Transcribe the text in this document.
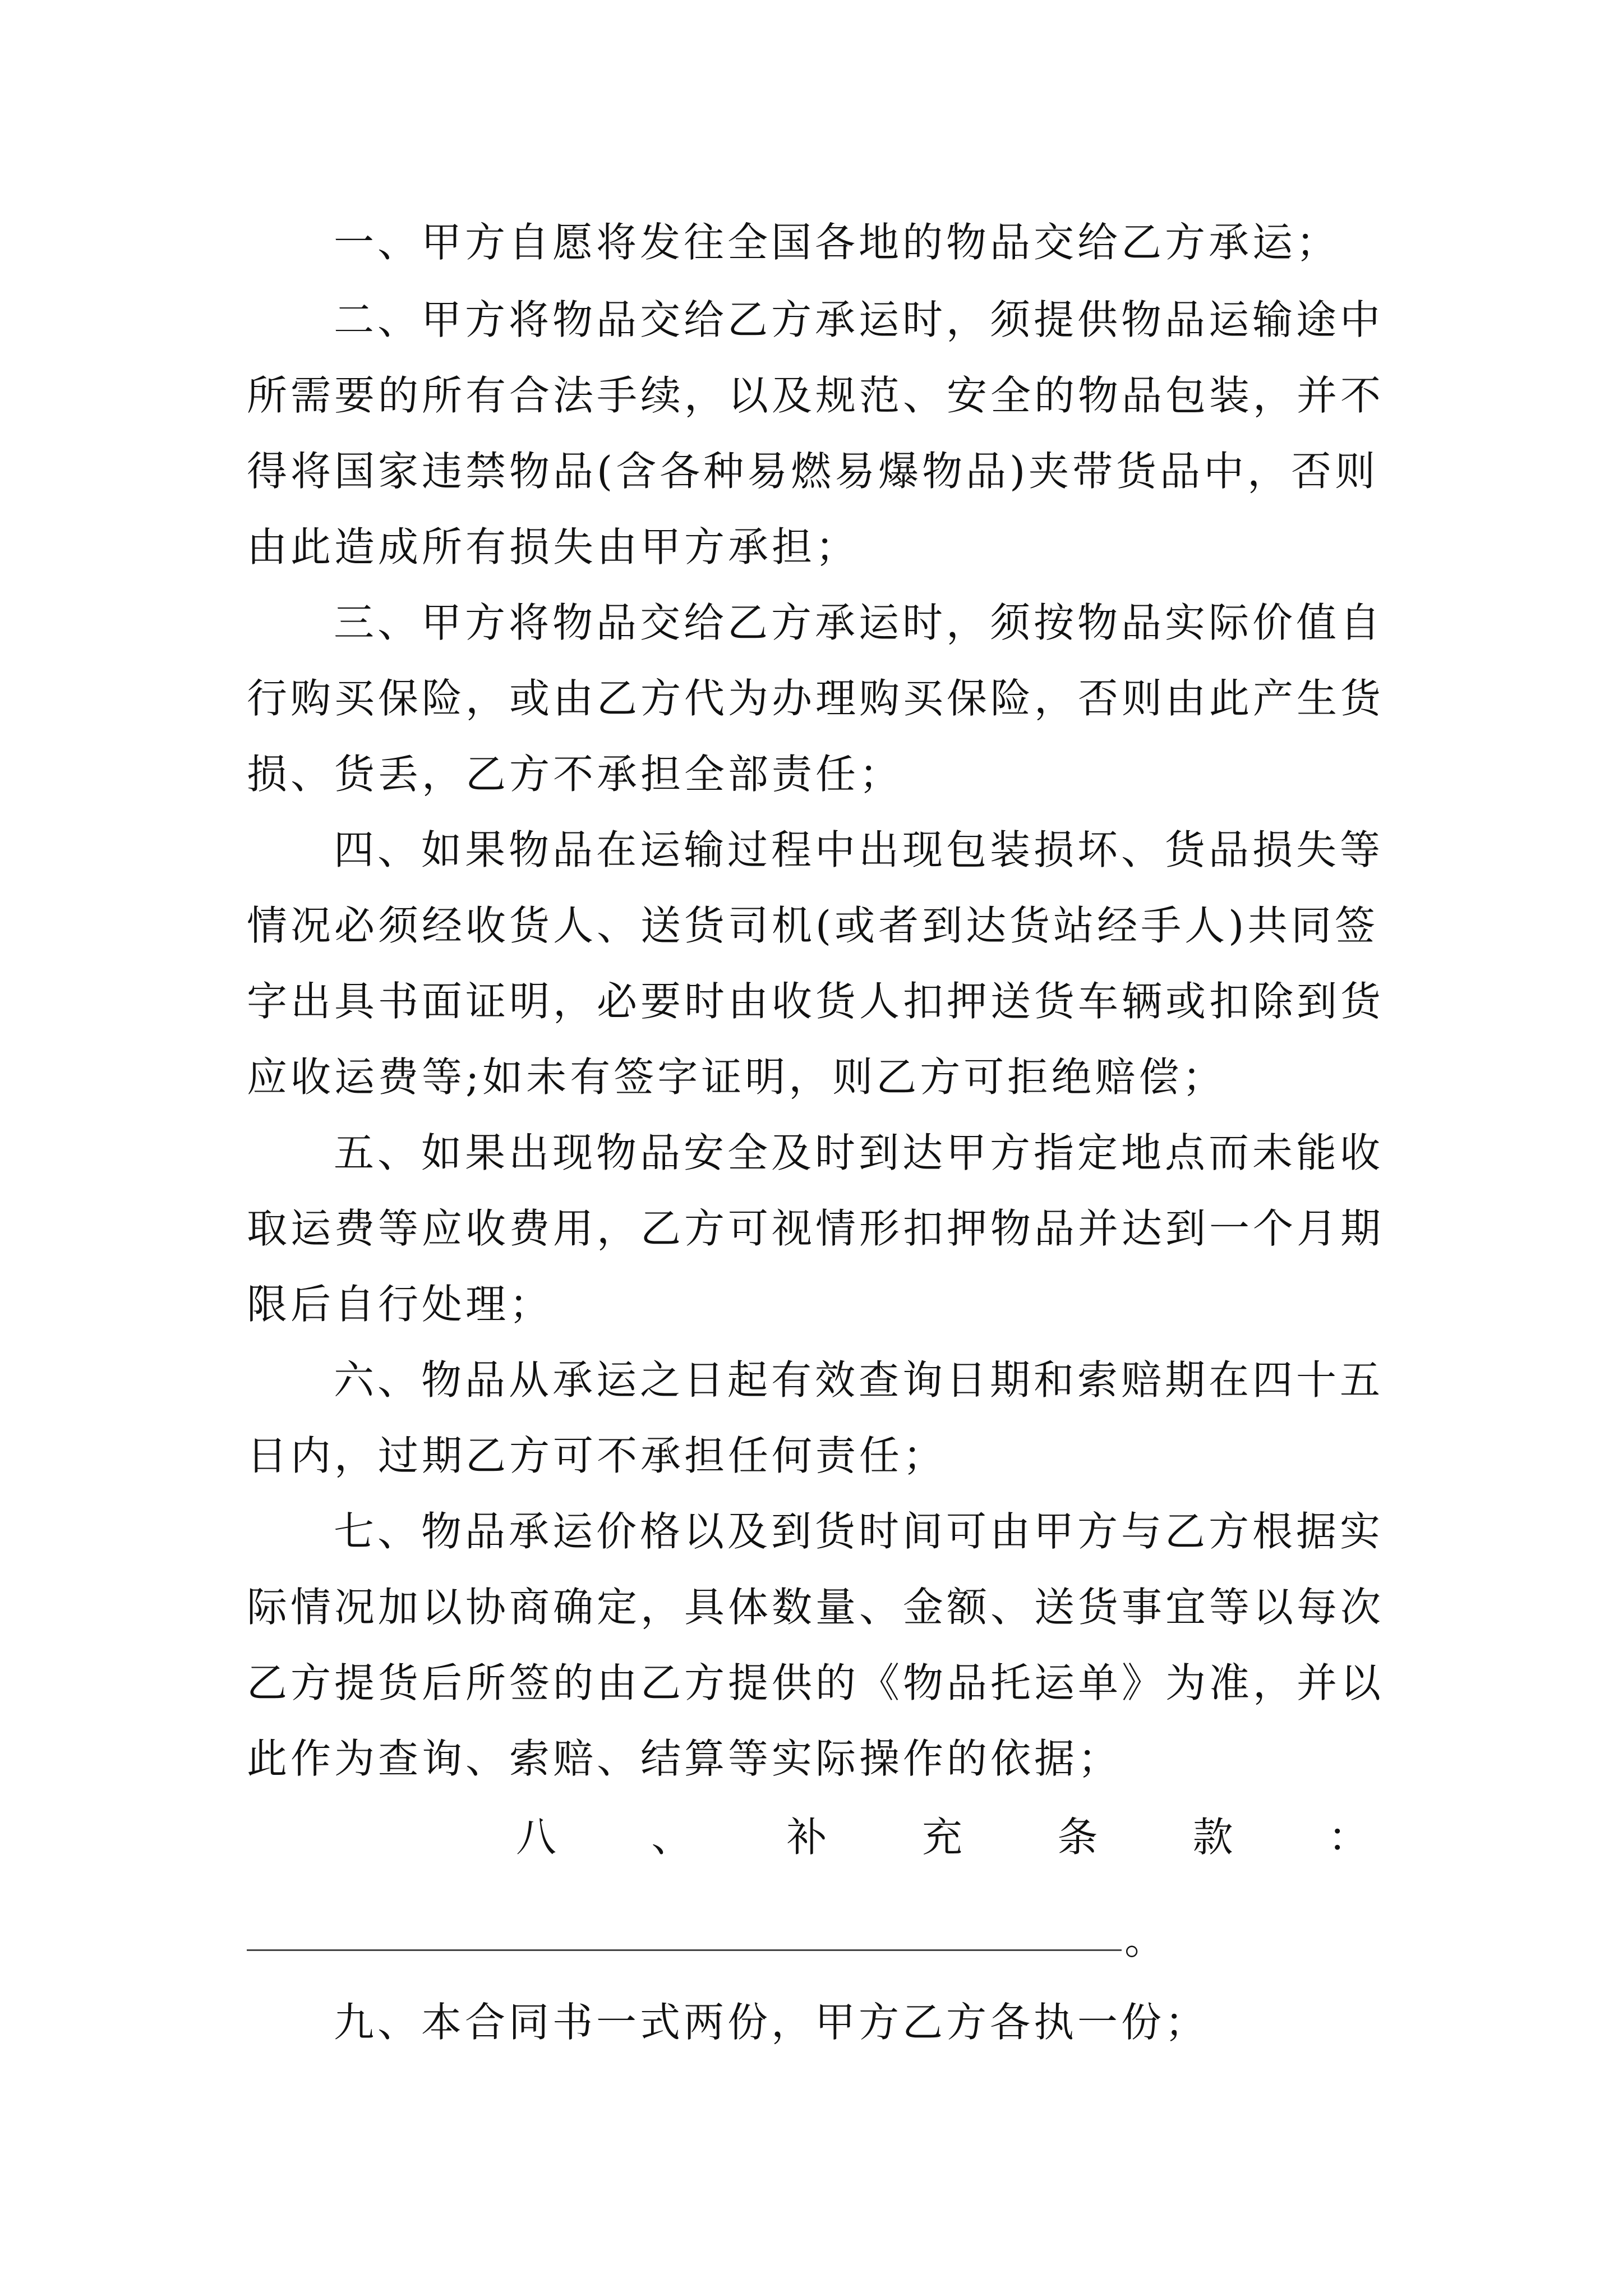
一、甲方自愿将发往全国各地的物品交给乙方承运；
二、甲方将物品交给乙方承运时，须提供物品运输途中
所需要的所有合法手续，以及规范、安全的物品包装，并不
得将国家违禁物品(含各种易燃易爆物品)夹带货品中，否则
由此造成所有损失由甲方承担；
三、甲方将物品交给乙方承运时，须按物品实际价值自
行购买保险，或由乙方代为办理购买保险，否则由此产生货
损、货丢，乙方不承担全部责任；
四、如果物品在运输过程中出现包装损坏、货品损失等
情况必须经收货人、送货司机(或者到达货站经手人)共同签
字出具书面证明，必要时由收货人扣押送货车辆或扣除到货
应收运费等;如未有签字证明，则乙方可拒绝赔偿；
五、如果出现物品安全及时到达甲方指定地点而未能收
取运费等应收费用，乙方可视情形扣押物品并达到一个月期
限后自行处理；
六、物品从承运之日起有效查询日期和索赔期在四十五
日内，过期乙方可不承担任何责任；
七、物品承运价格以及到货时间可由甲方与乙方根据实
际情况加以协商确定，具体数量、金额、送货事宜等以每次
乙方提货后所签的由乙方提供的《物品托运单》为准，并以
此作为查询、索赔、结算等实际操作的依据；
八 、 补 充 条 款 ：
。
九、本合同书一式两份，甲方乙方各执一份；
